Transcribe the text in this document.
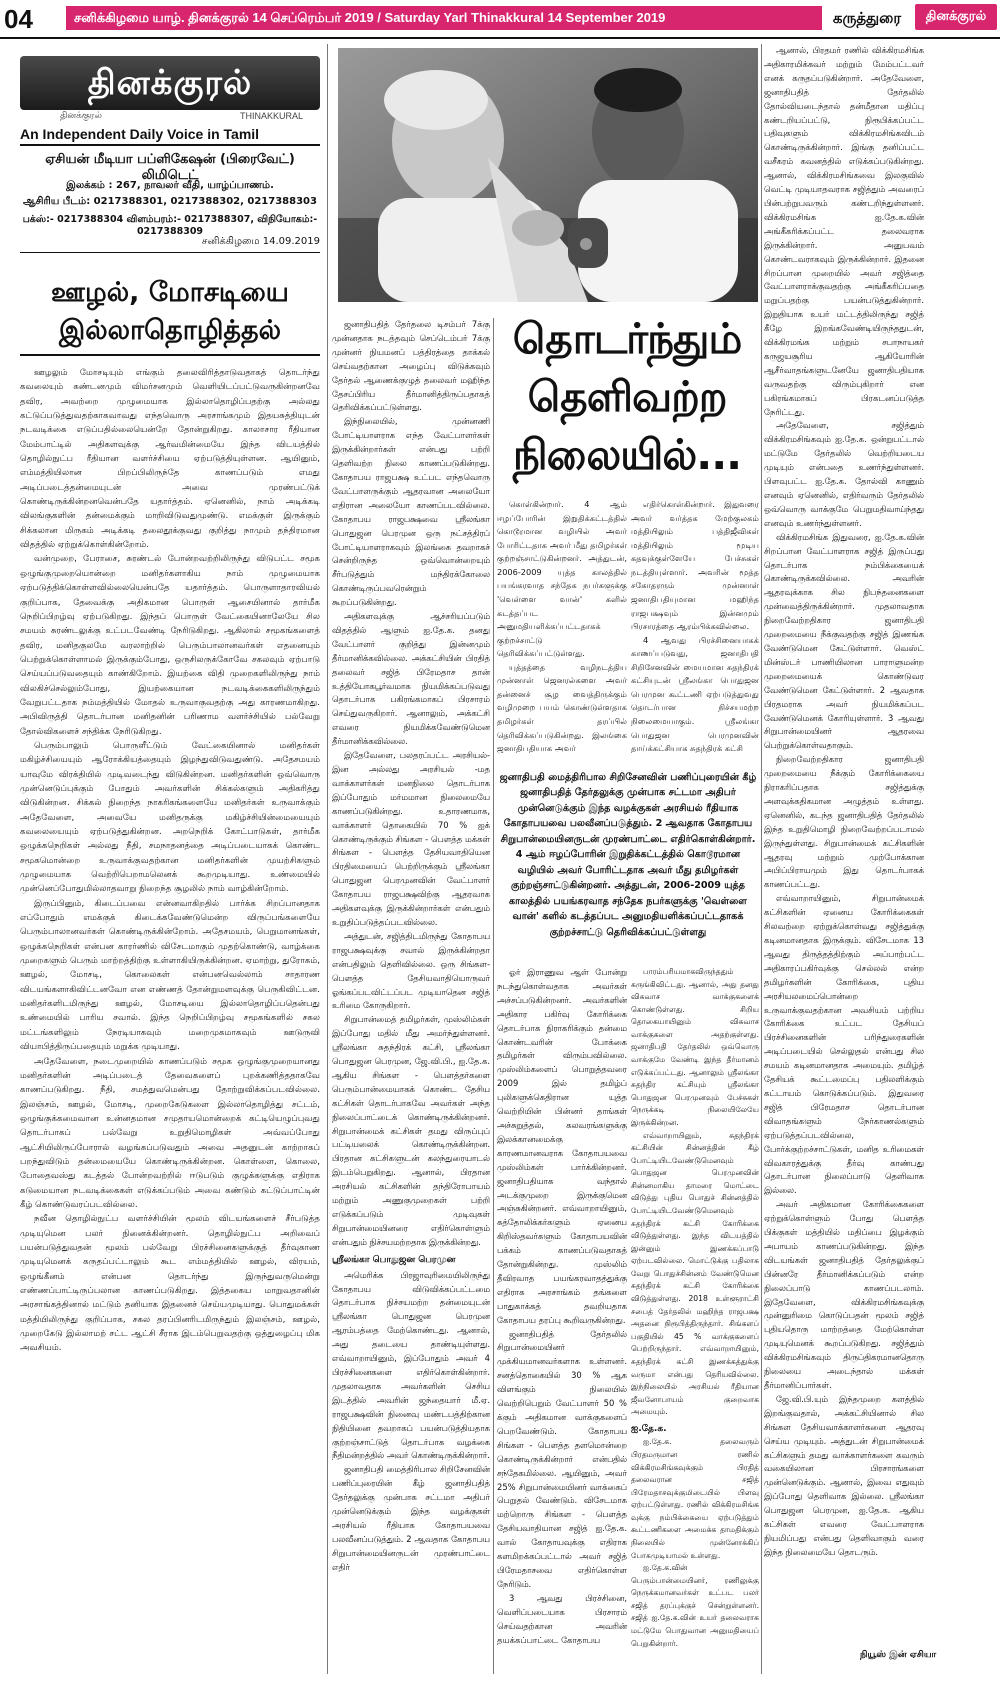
04	சனிக்கிழமை யாழ். தினக்குரல் 14 செப்ரெம்பர் 2019 / Saturday Yarl Thinakkural 14 September 2019	கருத்துரை	தினக்குரல்
தினக்குரல்
தினக்குரல்	THINAKKURAL
An Independent Daily Voice in Tamil
ஏசியன் மீடியா பப்ளிகேஷன் (பிரைவேட்) லிமிடெட்
இலக்கம் : 267, நாவலர் வீதி, யாழ்ப்பாணம்.
ஆசிரிய பீடம்: 0217388301, 0217388302, 0217388303
பக்ஸ்:- 0217388304 விளம்பரம்:- 0217388307, விநியோகம்:- 0217388309
சனிக்கிழமை 14.09.2019
ஊழல், மோசடியை இல்லாதொழித்தல்

ஊழலும் மோசடியும் எங்கும் தலைவிரித்தாடுவதாகத் தொடர்ந்து கவலையும் கண்டனமும் விமர்சனமும் வெளியிடப்பட்டுவருகின்றனவே தவிர, அவற்றை முழுமையாக இல்லாதொழிப்பதற்கு அல்லது கட்டுப்படுத்துவதற்காகவாவது எந்தவொரு அரசாங்கமும் இதயசுத்தியுடன் நடவடிக்கை எடுப்பதில்லையென்றே தோன்றுகிறது. காலாசார ரீதியான மேம்பாட்டில் அதிகளவுக்கு ஆர்வமின்மையே இந்த விடயத்தில் தொழில்நுட்ப ரீதியான வளர்ச்சியை ஏற்படுத்தியுள்ளன. ஆயினும், எம்மத்தியிலான பிறப்பிலிருந்தே காணப்படும் எமது அடிப்படைத்தன்மையுடன் அவை முரண்பட்டுக் கொண்டிருக்கின்றனவென்பதே யதார்த்தம். ஏனெனில், நாம் அடிக்கடி விலங்குகளின் தன்மைக்கும் மாறிவிடுவதுமுண்டு. எமக்குள் இருக்கும் சிக்கலான மிருகம் அடிக்கடி தலைதூக்குவது குறித்து நாமும் தந்திரமான விதத்தில் ஏற்றுக்கொள்கின்றோம்.

வன்முறை, பேராசை, சுரண்டல் போன்றவற்றிலிருந்து விடுபட்ட சமூக ஒழுங்குமுறையொன்றை மனிதர்களாகிய நாம் முழுமையாக ஏற்படுத்திக்கொள்ளவில்லையென்பதே யதார்த்தம். பொருளாதாரவியல் குறிப்பாக, தேவைக்கு அதிகமான பொருள் ஆசையினால் தார்மீக நெறிப்பிறழ்வு ஏற்படுகிறது. இந்தப் பொருள் வேட்கையினாலேயே சில சமயம் சுரண்டலுக்கு உட்படவேண்டி நேரிடுகிறது. ஆகிலால் சமூகங்களைத் தவிர, மனிதகுலமே வரலாற்றில் பெரும்பாலானவர்கள் எதனையும் பெற்றுக்கொள்ளாமல் இருக்கும்போது, ஒருசிலருக்கோவே சகலவும் ஏற்பாடு செய்யப்படுவதையும் காண்கிறோம். இயற்கை விதி முறைகளிலிருந்து நாம் விலகிச்செல்லும்போது, இயற்கையான நடவடிக்கைகளிலிருந்தும் வேறுபட்டதாக நம்மத்தியில் மோதல் உருவாகுவதற்கு அது காரணமாகிறது. அபிவிருத்தி தொடர்பான மனிதனின் பரிணாம வளர்ச்சியில் பல்வேறு தோல்விகளைச் சந்திக்க நேரிடுகிறது.

பெரும்பாலும் பொருளீட்டும் வேட்கையினால் மனிதர்கள் மகிழ்ச்சியையும் ஆரோக்கியத்தையும் இழந்துவிடுவதுண்டு. அதேசமயம் யாவுமே விரக்தியில் முடிவடைந்து விடுகின்றன. மனிதர்களின் ஒவ்வொரு முன்னெடுப்புக்கும் போதும் அவர்களின் சிக்கல்களும் அதிகரித்து விடுகின்றன. சிக்கல் நிறைந்த நாகரிகங்களையே மனிதர்கள் உருவாக்கும் அதேவேளை, அவையே மனிதருக்கு மகிழ்ச்சியின்மையையும் கவலையையும் ஏற்படுத்துகின்றன. அறநெறிக் கோட்பாடுகள், தார்மீக ஒழுக்கநெறிகள் அல்லது நீதி, சமநாதனத்தை அடிப்படையாகக் கொண்ட சமூகமொன்றை உருவாக்குவதற்கான மனிதர்களின் முயற்சிகளும் முழுமையாக வெற்றிபெறாமலெனக் கூறமுடியாது. உண்மையில் முன்னெப்போதுமில்லாதவாறு நிறைந்த சூழலில் நாம் வாழ்கின்றோம்.

இருப்பினும், கிடைப்பவை என்னவாகிறதில் பார்க்க சிறப்பானதாக எப்போதும் எமக்குக் கிடைக்கவேண்டுமென்ற விருப்பங்களையே பெரும்பாலானவர்கள் கொண்டிருக்கின்றோம். அதேசமயம், பெறுமானங்கள், ஒழுக்கநெறிகள் என்பன காரர்ணில் விசேடமாகும் முதற்கொண்டு, வாழ்க்கை முறைகளும் பெரும் மாற்றத்திற்கு உள்ளாகியிருக்கின்றன. ஏமாற்று, துரோகம், ஊழல், மோசடி, கொலைகள் என்பனவெல்லாம் சாதாரண விடயங்களாகிவிட்டனவோ என எண்ணத் தோன்றுமளவுக்கு பெருகிவிட்டன. மனிதர்களிடமிருந்து ஊழல், மோசடியை இல்லாதொழிப்பதென்பது உண்மையில் பாரிய சவால். இந்த நெறிப்பிறழ்வு சமூகங்களில் சகல மட்டங்களிலும் நேரடியாகவும் மறைமுகமாகவும் ஊடுருவி வியாபித்திருப்பதையும் மறுக்க முடியாது.

அதேவேளை, நடைமுறையில் காணப்படும் சமூக ஒழுங்குமுறையானது மனிதர்களின் அடிப்படைத் தேவைகளைப் புறக்கணித்ததாகவே காணப்படுகிறது. நீதி, சமத்துவமென்பது தோற்றுவிக்கப்படவில்லை. இலஞ்சம், ஊழல், மோசடி, முறைகேடுகளை இல்லாதொழித்து சட்டம், ஒழுங்குக்கமைவான உன்னதமான சமுதாயமொன்றைக் கட்டியெழுப்புவது தொடர்பாகப் பல்வேறு உறுதிமொழிகள் அவ்வப்போது ஆட்சியிலிருப்போரால் வழங்கப்படுவதும் அவை அதனுடன் காற்றாகப் பறந்துவிடும் தன்மையையே கொண்டிருக்கின்றன. கொள்ளை, கொலை, போதைவஸ்து கடத்தல் போன்றவற்றில் ஈடுபடும் குழுக்களுக்கு எதிராக கடுமையான நடவடிக்கைகள் எடுக்கப்படும் அவை கண்டும் கட்டுப்பாட்டின் கீழ் கொண்டுவரப்படவில்லை.

நவீன தொழில்நுட்ப வளர்ச்சியின் மூலம் விடயங்களைச் சீர்படுத்த முடியுமென பலர் நினைக்கின்றனர். தொழில்நுட்ப அறிவைப் பயன்படுத்துவதன் மூலம் பல்வேறு பிரச்சினைகளுக்குத் தீர்வுகாண முடியுமெனக் கருதப்பட்டாலும் கூட எம்மத்தியில் ஊழல், விரயம், ஒழுங்கீனம் என்பன தொடர்ந்து இருந்துவருமென்று எண்ணப்பாட்டிருப்பலான காணப்படுகிறது. இத்தகைய மாறுவதானின் அரசாங்கத்தினால் மட்டும் தனியாக இதனைச் செய்யமுடியாது. பொதுமக்கள் மத்தியிலிருந்து குறிப்பாக, சகல தரப்பினரிடமிருந்தும் இலஞ்சம், ஊழல், முறைகேடு இல்லாமற் சட்ட ஆட்சி சீராக இடம்பெறுவதற்கு ஒத்துழைப்பு மிக அவசியம்.

தொடர்ந்தும் தெளிவற்ற நிலையில்...

ஜனாதிபதித் தேர்தலை டிசம்பர் 7க்கு முன்னதாக நடத்தவும் செப்டெம்பர் 7க்கு முன்னர் நியமனப் பத்திரத்தை தாக்கல் செய்வதற்கான அழைப்பு விடுக்கவும் தேர்தல் ஆணைக்குழுத் தலைவர் மஹிந்த தேசப்பிரிய தீர்மானித்திருப்பதாகத் தெரிவிக்கப்பட்டுள்ளது.

இந்நிலையில், முன்னணி போட்டியாளராக எந்த வேட்பாளர்கள் இருக்கின்றார்கள் என்பது பற்றி தெளிவற்ற நிலை காணப்படுகின்றது. கோதாபய ராஜபக்ஷ உட்பட எந்தவொரு வேட்பாளருக்கும் ஆதரவான அலையோ எதிரான அலையோ காணப்படவில்லை. கோதாபய ராஜபக்ஷவை ஸ்ரீலங்கா பொதுஜன பெரமுன ஒரு நட்சத்திரப் போட்டியாளராகவும் இலங்கை தவறாகச் சென்றிருந்த ஒவ்வொன்றையும் சீர்படுத்தும் மந்திரக்கோலை கொண்டிருப்பவரென்றும் கூறப்படுகின்றது.

அதிகளவுக்கு ஆச்சரியப்படும் விதத்தில் ஆளும் ஐ.தே.க. தனது வேட்பாளர் குறித்து இன்னமும் தீர்மானிக்கவில்லை. அக்கட்சியின் பிரதித் தலைவர் சஜித் பிரேமதாச தான் உத்தியோகபூர்வமாக நியமிக்கப்படுவது தொடர்பாக பகிரங்கமாகப் பிரசாரம் செய்துவருகிறார். ஆனாலும், அக்கட்சி எவரை நியமிக்கவேண்டுமென தீர்மானிக்கவில்லை.

இதேவேளை, பலதரப்பட்ட அரசியல்- இன அல்லது அரசியல் -மத வாக்காளர்கள் மனநிலை தொடர்பாக இப்போதும் மர்மமான நிலைமையே காணப்படுகின்றது. உதாரணமாக, வாக்காளர் தொகையில் 70 % ஐக் கொண்டிருக்கும் சிங்கள - பௌத்த மக்கள் சிங்கள - பௌத்த தேசியவாதியென பிரதிமையைப் பெற்றிருக்கும் ஸ்ரீலங்கா பொதுஜன பெரமுனவின் வேட்பாளர் கோதாபய ராஜபக்ஷவிற்கு ஆதரவாக அதிகளவுக்கு இருக்கின்றார்கள் என்பதும் உறுதிப்படுத்தப்படவில்லை.

அத்துடன், சஜித்திடமிருந்து கோதாபய ராஜபக்ஷவுக்கு சவால் இருக்கின்றதா என்பதிலும் தெளிவில்லை. ஒரு சிங்கள- பௌத்த தேசியவாதியொருவர் ஓங்கப்படவிட்டப்பட முடியாதென சஜித் உரிமை கோருகிறார்.

சிறுபான்மைத் தமிழர்கள், முஸ்லிம்கள் இப்போது மதில் மீது அமர்ந்துள்ளனர். ஸ்ரீலங்கா சுதந்திரக் கட்சி, ஸ்ரீலங்கா பொதுஜன பெரமுன, ஜே.வி.பி., ஐ.தே.க. ஆகிய சிங்கள - பௌத்தர்களை பெரும்பான்மையாகக் கொண்ட தேசிய கட்சிகள் தொடர்பாகவே அவர்கள் அந்த நிலைப்பாட்டைக் கொண்டிருக்கின்றனர். சிறுபான்மைக் கட்சிகள் தமது விருப்புப் பட்டியலைக் கொண்டிருக்கின்றன. பிரதான கட்சிகளுடன் கலந்துரையாடல் இடம்பெறுகிறது. ஆனால், பிரதான அரசியல் கட்சிகளின் தந்திரோபாயம் மற்றும் அணுகுமுறைகள் பற்றி எடுக்கப்படும் முடிவுகள் சிறுபான்மையினரை எதிர்கொள்ளும் என்பதும் நிச்சயமற்றதாக இருக்கின்றது.

ஸ்ரீலங்கா பொதுஜன பெரமுன

அமெரிக்க பிரஜாவுரிமையிலிருந்து கோதாபய விடுவிக்கப்பட்டமை தொடர்பாக நிச்சயமற்ற தன்மையுடன் ஸ்ரீலங்கா பொதுஜன பெரமுன ஆரம்பத்தை மேற்கொண்டது. ஆனால், அது தடையை தாண்டியுள்ளது. எவ்வாறாயினும், இப்போதும் அவர் 4 பிரச்சினைகளை எதிர்கொள்கின்றார். முதலாவதாக அவர்களின் செசிய இடத்தில் அவரின் ஜந்தையார் மீ.ஏ. ராஜபக்ஷவின் நினைவு மண்டபத்திற்கான நிதியினை தவறாகப் பயன்படுத்தியதாக குற்றஞ்சாட்டுத் தொடர்பாக வழக்கை நீதிமன்றத்தில் அவர் கொண்டிருக்கின்றார்.

ஜனாதிபதி மைத்திரிபால சிறிசேனவின் பணிப்புரையின் கீழ் ஜனாதிபதித் தேர்தலுக்கு முன்பாக சட்டமா அதிபர் முன்னெடுக்கும் இந்த வழக்குகள் அரசியல் ரீதியாக கோதாபயவை பலவீனப்படுத்தும். 2 ஆவதாக கோதாபய சிறுபான்மையினருடன் முரண்பாட்டை எதிர்

கொள்கின்றார். 4 ஆம் ஈழப்போரின் இறுதிக்கட்டத்தில் கொடூரமான வழியில் அவர் போரிட்டதாக அவர் மீது தமிழர்கள் குற்றஞ்சாட்டுகின்றனர். அத்துடன், 2006-2009 யுத்த காலத்தில் பயங்கரவாத சந்தேக நபர்களுக்கு 'வெள்ளை வான்' களில் கடத்தப்பட அனுமதியளிக்கப்பட்டதாகக் குற்றச்சாட்டு தெரிவிக்கப்பட்டுள்ளது.

யுத்தத்தை வழிநடத்திய முன்னாள் ஜெனரல்களை அவர் தன்னைச் சூழ வைத்திருக்கும் வழிமுறை பயம் கொண்டுள்ளதாக தமிழர்கள் தரப்பில் தெரிவிக்கப்படுகின்றது. இலங்கை ஜனாதிபதியாக அவர்

எதிர்கொள்கின்றார். இதுவரை அவர் வர்த்தக மேற்குலகம் மத்தியிலும் பத்திஜீவிகள் மத்தியிலும் மூடிய கதவுக்குள்ளேயே பேச்சுகள் நடத்தியுள்ளார். அவரின் மூத்த சகோதரரும் முன்னாள் ஜனாதிபதியுமான மஹிந்த ராஜபக்ஷவும் இன்னமும் பிரசாரத்தை ஆரம்பிக்கவில்லை.

4 ஆவது பிரச்சினையாகக் காணப்படுவது, ஜனாதிபதி சிறிசேனவின் மையமான சுதந்திரக் கட்சியுடன் ஸ்ரீலங்கா பொதுஜன பெரமுன கூட்டணி ஏற்படுத்துவது தொடர்பான நிச்சயமற்ற நிலைமையாகும். ஸ்ரீலங்கா பொதுஜன பெரமுனவின் தாய்க்கட்சியாக சுதந்திரக் கட்சி

ஜனாதிபதி மைத்திரிபால சிறிசேனவின் பணிப்புரையின் கீழ் ஜனாதிபதித் தேர்தலுக்கு முன்பாக சட்டமா அதிபர் முன்னெடுக்கும் இந்த வழக்குகள் அரசியல் ரீதியாக கோதாபயவை பலவீனப்படுத்தும். 2 ஆவதாக கோதாபய சிறுபான்மையினருடன் முரண்பாட்டை எதிர்கொள்கின்றார். 4 ஆம் ஈழப்போரின் இறுதிக்கட்டத்தில் கொடூரமான வழியில் அவர் போரிட்டதாக அவர் மீது தமிழர்கள் குற்றஞ்சாட்டுகின்றனர். அத்துடன், 2006-2009 யுத்த காலத்தில் பயங்கரவாத சந்தேக நபர்களுக்கு 'வெள்ளை வான்' களில் கடத்தப்பட அனுமதியளிக்கப்பட்டதாகக் குற்றச்சாட்டு தெரிவிக்கப்பட்டுள்ளது

ஓர் இராணுவ ஆள் போன்று நடந்துகொள்வதாக அவர்கள் அச்சப்படுகின்றனர். அவர்களின் அதிகார பகிர்வு கோரிக்கை தொடர்பாக நிராகரிக்கும் தன்மை கொண்டவரின் போக்கை தமிழர்கள் விரும்பவில்லை. முஸ்லிம்களைப் பொறுத்தவரை 2009 இல் தமிழ்ப் புலிகளுக்கெதிரான யுத்த வெற்றியின் பின்னர் தாங்கள் அச்சுறுத்தல், கலவரங்களுக்கு இலக்கானமைக்கு காரணமானவராக கோதாபயவை முஸ்லிம்கள் பார்க்கின்றனர். ஜனாதிபதியாக வந்தால் அடக்குமுறை இருக்குமென அஞ்சுகின்றனர். எவ்வாறாயினும், கத்தோலிக்கர்களும் ஏனைய கிறிஸ்தவர்களும் கோதாபயவின் பக்கம் காணப்படுவதாகத் தோன்றுகின்றது. முஸ்லிம் தீவிரவாத பயங்கரவாதத்துக்கு எதிராக அரசாங்கம் தங்களை பாதுகாக்கத் தவறியதாக கோதாபய தரப்பு கூறிவருகின்றது.

ஜனாதிபதித் தேர்தலில் சிறுபான்மையினர் முக்கியமானவர்களாக உள்ளனர். சனத்தொகையில் 30 % ஆக விளங்கும் நிலையில் வெற்றிபெறும் வேட்பாளர் 50 % க்கும் அதிகமான வாக்குகளைப் பெறவேண்டும். கோதாபய சிங்கள - பௌத்த தளமொன்றை கொண்டிருக்கின்றார் என்பதில் சந்தேகமில்லை. ஆயினும், அவர் 25% சிறுபான்மையினர் வாக்கைப் பெறுதல் வேண்டும். விசேடமாக மற்றொரு சிங்கள - பௌத்த தேசியவாதியான சஜித் ஐ.தே.க. வால் கோதாயவுக்கு எதிராக களமிறக்கப்பட்டால் அவர் சஜித் பிரேமதாசவை எதிர்கொள்ள நேரிடும்.

3 ஆவது பிரச்சினை, வெளிப்படையாக பிரசாரம் செய்வதற்கான அவரின் தயக்கப்பாட்டை கோதாபய

பாரம்பரியமாகவிருந்ததும் கருங்கிவிட்டது. ஆனால், அது தனது விசுவாச வாக்குகளைக் கொண்டுள்ளது. சிறிய தொகையாயினும் விசுவாச வாக்குகளை அதற்குள்ளது. ஜனாதிபதி தேர்தலில் ஒவ்வொரு வாக்குமே வேண்டி இந்த தீர்மானம் எடுக்கப்பட்டது. ஆனாலும் ஸ்ரீலங்கா சுதந்திர கட்சியும் ஸ்ரீலங்கா பொதுஜன பெரமுனவும் பேச்சுகள் நெருக்கடி நிலையிலேயே இருக்கின்றன.

எவ்வாறாயினும், சுதந்திரக் கட்சியின் சின்னத்தின் கீழ் போட்டியிடவேண்டுமெனவும் பொதுஜன பெரமுனவின் சின்னமாகிய தாமரை மொட்டை விடுத்து புதிய பொதுச் சின்னத்தில் போட்டியிடவேண்டுமெனவும் சுதந்திரக் கட்சி கோரிக்கை விடுத்துள்ளது. இந்த விடயத்தில் இன்னும் இணக்கப்பாடு ஏற்படவில்லை. மொட்டுக்கு பதிலாக வேறு பொதுச்சின்னம் வேண்டுமென சுதந்திரக் கட்சி கோரிக்கை விடுத்துள்ளது. 2018 உள்ளூராட்சி சபைத் தேர்தலில் மஹிந்த ராஜபக்ஷ அதனை நிரூபித்திருந்தார். சிங்களப் பகுதியில் 45 % வாக்குகளைப் பெற்றிருந்தார். எவ்வாறாயினும், சுதந்திரக் கட்சி இணக்கத்துக்கு வருமா என்பது தெரியவில்லை. இந்நிலையில் அரசியல் ரீதியான ஜீவனோபாயம் குறைவாக அமையும்.

ஐ.தே.க.

ஐ.தே.க. தலைவரும் பிரதமருமான ரணில் விக்கிரமசிங்கவுக்கும் பிரதித் தலைவரான சஜித் பிரேமதாசவுக்குமிடையில் பிளவு ஏற்பட்டுள்ளது. ரணில் விக்கிரமசிங்க வுக்கு நம்பிக்கையை ஏற்படுத்தும் கூட்டணிகளை அமைக்க தாமதிக்கும் நிலையில் முன்னோக்கிப் போகமுடியாமல் உள்ளது.

ஐ.தே.க.வின் பெரும்பான்மையினர், ரணிலுக்கு நெருக்கமானவர்கள் உட்பட பலர் சஜித் தரப்புக்குச் சென்றுள்ளனர். சஜித் ஐ.தே.க.வின் உயர் தலைவராக மட்டுமே பொதுவான அனுமதியைப் பெறுகின்றார்.

ஆனால், பிரதமர் ரணில் விக்கிரமசிங்க அதிகாரமிக்கவர் மற்றும் மேம்பட்டவர் எனக் கருதப்படுகின்றார். அதேவேளை, ஜனாதிபதித் தேர்தலில் தோல்வியடைந்தால் தன்மீதான மதிப்பு கண்டறியப்பட்டு, நிரூபிக்கப்பட்ட பதிவுகளும் விக்கிரமசிங்கவிடம் கொண்டிருக்கின்றார். இங்கு தனிப்பட்ட வசீகரம் கவனத்தில் எடுக்கப்படுகின்றது. ஆனால், விக்கிரமசிங்கவை இலகுவில் வெட்டி முடியாதவராக சஜித்தும் அவரைப் பின்பற்றுபவரும் கண்டறிந்துள்ளனர். விக்கிரமசிங்க ஐ.தே.க.வின் அங்கீகரிக்கப்பட்ட தலைவராக இருக்கின்றார். அனுபவம் கொண்டவராகவும் இருக்கின்றார். இதனை சிறப்பான முறையில் அவர் சஜித்தை வேட்பாளராக்குவதற்கு அங்கீகரிப்பதை மறுப்பதற்கு பயன்படுத்துகின்றார். இறுதியாக உயர் மட்டத்திலிருந்து சஜித் கீழே இறங்கவேண்டியிருந்ததுடன், விக்கிரமங்க மற்றும் சபாநாயகர் கருஜயசூரிய ஆகியோரின் ஆசீர்வாதங்களுடனேயே ஜனாதிபதியாக வருவதற்கு விரும்புகிறார் என பகிரங்கமாகப் பிரகடனப்படுத்த நேரிட்டது.

அதேவேளை, சஜித்தும் விக்கிரமசிங்கவும் ஐ.தே.க. ஒன்றுபட்டால் மட்டுமே தேர்தலில் வெற்றியடைய முடியும் என்பதை உணர்ந்துள்ளனர். பிளவுபட்ட ஐ.தே.க. தோல்வி காணும் எனவும் ஏனெனில், எதிர்வரும் தேர்தலில் ஒவ்வொரு வாக்குமே பெறுமதிவாய்ந்தது எனவும் உணர்ந்துள்ளனர்.

விக்கிரமசிங்க இதுவரை, ஐ.தே.க.வின் சிறப்பான வேட்பாளராக சஜித் இருப்பது தொடர்பாக நம்பிக்கையைக் கொண்டிருக்கவில்லை. அவரின் ஆதரவுக்காக சில நிபந்தனைகளை முன்வைத்திருக்கின்றார். முதலாவதாக நிறைவேற்றதிகார ஜனாதிபதி முறைமையை நீக்குவதற்கு சஜித் இணங்க வேண்டுமென கேட்டுள்ளார். வெஸ்ட் மின்ஸ்டர் பாணியிலான பாராளுமன்ற முறைமையைக் கொண்டுவர வேண்டுமென கேட்டுள்ளார். 2 ஆவதாக பிரதமராக அவர் நியமிக்கப்பட வேண்டுமெனக் கோரியுள்ளார். 3 ஆவது சிறுபான்மையினர் ஆதரவை பெற்றுக்கொள்வதாகும்.

நிறைவேற்றதிகார ஜனாதிபதி முறைமையை நீக்கும் கோரிக்கையை நிராகரிப்பதாக சஜித்துக்கு அளவுக்கதிகமான அழுத்தம் உள்ளது. ஏனெனில், கடந்த ஜனாதிபதித் தேர்தலில் இந்த உறுதிமொழி நிறைவேற்றப்படாமல் இருந்துள்ளது. சிறுபான்மைக் கட்சிகளின் ஆதரவு மற்றும் முற்போக்கான அபிப்பிராயமும் இது தொடர்பாகக் காணப்பட்டது.

எவ்வாறாயினும், சிறுபான்மைக் கட்சிகளின் ஏனைய கோரிக்கைகள் சிலவற்றை ஏற்றுக்கொள்வது சஜித்துக்கு கடினமானதாக இருக்கும். விசேடமாக 13 ஆவது திருத்தத்திற்கும் அப்பாற்பட்ட அதிகாரப்பகிர்வுக்கு செல்லல் என்ற தமிழர்களின் கோரிக்கை, புதிய அரசியலமைப்பொன்றை உருவாக்குவதற்கான அவசியம் பற்றிய கோரிக்கை உட்பட தேசியப் பிரச்சினைகளின் பரிந்துரைகளின் அடிப்படையில் செல்லுதல் என்பது சில சமயம் கடினமானதாக அமையும். தமிழ்த் தேசியக் கூட்டமைப்பு பதிலளிக்கும் கட்டாயம் கொடுக்கப்படும். இதுவரை சஜித் பிரேமதாச தொடர்பான விவாதங்களும் நேர்காணல்களும் ஏற்படுத்தப்படவில்லை, போர்க்குற்றச்சாட்டுகள், மனித உரிமைகள் விவகாரத்துக்கு தீர்வு காண்பது தொடர்பான நிலைப்பாடு தெளிவாக இல்லை.

அவர் அதிகமான கோரிக்கைகளை ஏற்றுக்கொள்ளும் போது பௌத்த பிக்குகள் மத்தியில் மதிப்பை இழக்கும் அபாயம் காணப்படுகின்றது. இந்த விடயங்கள் ஜனாதிபதித் தேர்தலுக்குப் பின்னரே தீர்மானிக்கப்படும் என்ற நிலைப்பாடு காணப்படலாம். இதேவேளை, விக்கிரமசிங்கவுக்கு முன்னுரிமை கொடுப்பதன் மூலம் சஜித் புதியதொரு மாற்றத்தை மேற்கொள்ள முடியுமெனக் கூறப்படுகிறது. சஜித்தும் விக்கிரமசிங்கவும் திருப்திகரமானதொரு நிலையை அடைந்தால் மக்கள் தீர்மானிப்பார்கள்.

ஜே.வி.பி.யும் இந்தமுறை களத்தில் இறங்குவதால், அக்கட்சியினால் சில சிங்கள தேசியவாக்காளர்களை ஆதரவு செய்ய முடியும். அத்துடன் சிறுபான்மைக் கட்சிகளும் தமது வாக்காளர்களை கவரும் வகையிலான பிரசாரங்களை முன்னெடுக்கும். ஆனால், இவை எதுவும் இப்போது தெளிவாக இல்லை. ஸ்ரீலங்கா பொதுஜன பெரமுன, ஐ.தே.க. ஆகிய கட்சிகள் எவரை வேட்பாளராக நியமிப்பது என்பது தெளிவாகும் வரை இந்த நிலைமையே தொடரும்.

நியூஸ் இன் ஏசியா
